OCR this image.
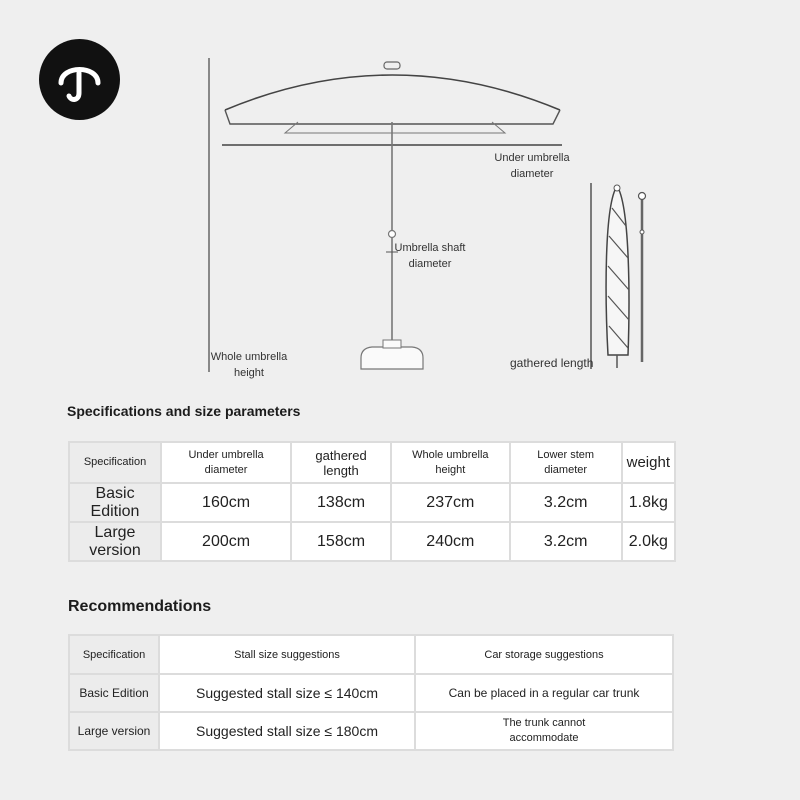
Under umbrella
diameter
Umbrella shaft
diameter
Whole umbrella
height
gathered length
Specifications and size parameters
Specification	Under umbrella diameter	gathered length	Whole umbrella height	Lower stem diameter	weight
Basic Edition	160cm	138cm	237cm	3.2cm	1.8kg
Large version	200cm	158cm	240cm	3.2cm	2.0kg
Recommendations
Specification	Stall size suggestions	Car storage suggestions
Basic Edition	Suggested stall size ≤ 140cm	Can be placed in a regular car trunk
Large version	Suggested stall size ≤ 180cm	The trunk cannot accommodate
